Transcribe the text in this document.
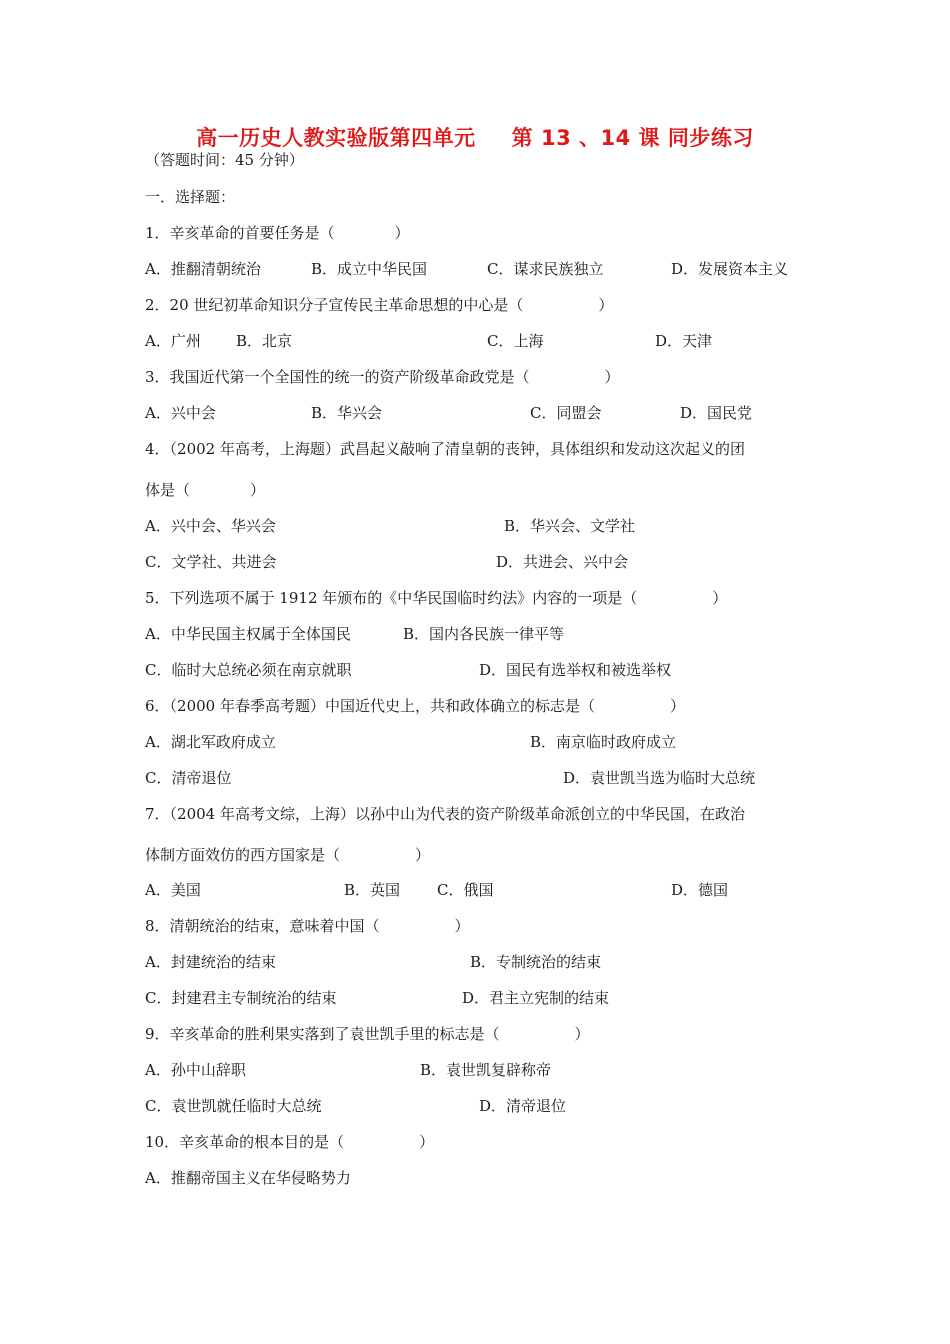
高一历史人教实验版第四单元 第 13 、14 课 同步练习
（答题时间：45 分钟）
一．选择题：
1．辛亥革命的首要任务是（　　　　）
A．推翻清朝统治	B．成立中华民国	C．谋求民族独立	D．发展资本主义
2．20 世纪初革命知识分子宣传民主革命思想的中心是（　　　　　）
A．广州 B．北京	C．上海	D．天津
3．我国近代第一个全国性的统一的资产阶级革命政党是（　　　　　）
A．兴中会	B．华兴会	C．同盟会	D．国民党
4．（2002 年高考，上海题）武昌起义敲响了清皇朝的丧钟，具体组织和发动这次起义的团
体是（　　　　）
A．兴中会、华兴会	B．华兴会、文学社
C．文学社、共进会	D．共进会、兴中会
5．下列选项不属于 1912 年颁布的《中华民国临时约法》内容的一项是（　　　　　）
A．中华民国主权属于全体国民	B．国内各民族一律平等
C．临时大总统必须在南京就职	D．国民有选举权和被选举权
6．（2000 年春季高考题）中国近代史上，共和政体确立的标志是（　　　　　）
A．湖北军政府成立	B．南京临时政府成立
C．清帝退位	D．袁世凯当选为临时大总统
7．（2004 年高考文综，上海）以孙中山为代表的资产阶级革命派创立的中华民国，在政治
体制方面效仿的西方国家是（　　　　　）
A．美国	B．英国 C．俄国	D．德国
8．清朝统治的结束，意味着中国（　　　　　）
A．封建统治的结束	B．专制统治的结束
C．封建君主专制统治的结束	D．君主立宪制的结束
9．辛亥革命的胜利果实落到了袁世凯手里的标志是（　　　　　）
A．孙中山辞职	B．袁世凯复辟称帝
C．袁世凯就任临时大总统	D．清帝退位
10．辛亥革命的根本目的是（　　　　　）
A．推翻帝国主义在华侵略势力
